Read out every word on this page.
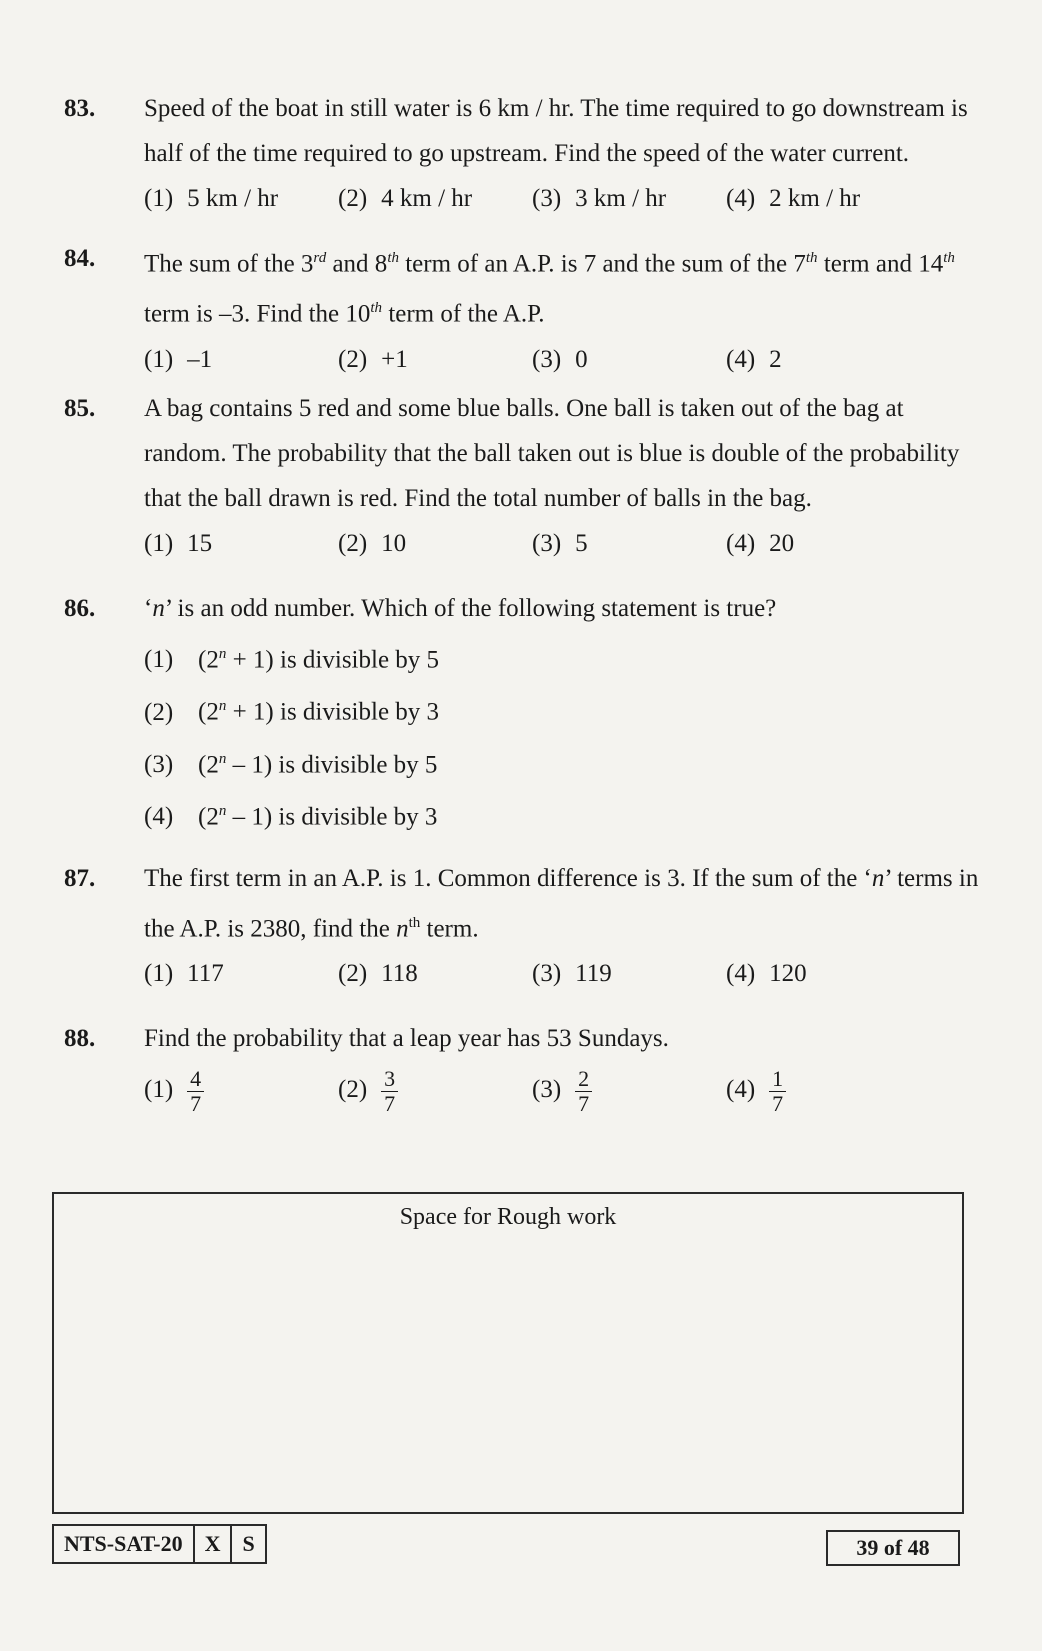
83. Speed of the boat in still water is 6 km / hr. The time required to go downstream is half of the time required to go upstream. Find the speed of the water current.
(1) 5 km / hr (2) 4 km / hr (3) 3 km / hr (4) 2 km / hr
84. The sum of the 3rd and 8th term of an A.P. is 7 and the sum of the 7th term and 14th term is –3. Find the 10th term of the A.P.
(1) –1	(2) +1	(3) 0	(4) 2
85. A bag contains 5 red and some blue balls. One ball is taken out of the bag at random. The probability that the ball taken out is blue is double of the probability that the ball drawn is red. Find the total number of balls in the bag.
(1) 15	(2) 10	(3) 5	(4) 20
86. ‘n’ is an odd number. Which of the following statement is true?
(1) $(2^n + 1)$ is divisible by 5
(2) $(2^n + 1)$ is divisible by 3
(3) (2$^n$ – 1) is divisible by 5
(4) (2$^n$ – 1) is divisible by 3
87. The first term in an A.P. is 1. Common difference is 3. If the sum of the ‘n’ terms in the A.P. is 2380, find the $n^{th}$ term.
(1) 117	(2) 118	(3) 119	(4) 120
88. Find the probability that a leap year has 53 Sundays.
$(1) \frac{4}{7}$	$(2) \frac{3}{7}$	$(3) \frac{2}{7}$	$(4) \frac{1}{7}$
Space for Rough work
NTS-SAT-20	X	S	39 of 48
